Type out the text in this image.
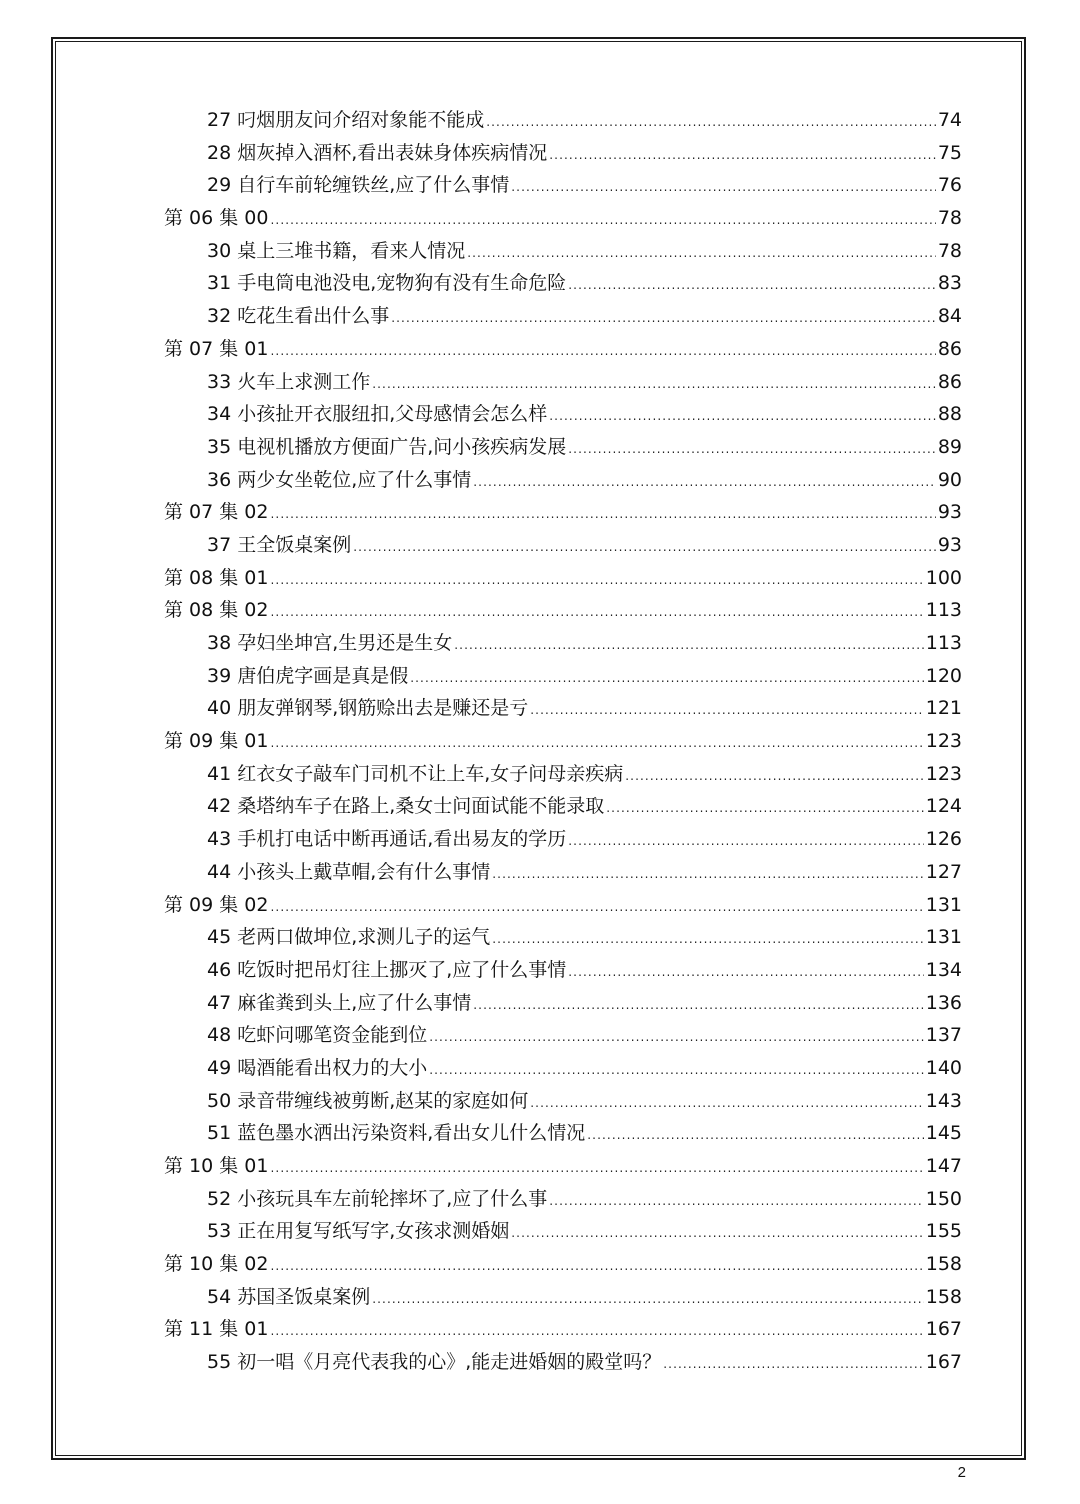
27 叼烟朋友问介绍对象能不能成 .....	74
28 烟灰掉入酒杯,看出表妹身体疾病情况 .....	75
29 自行车前轮缠铁丝,应了什么事情 .....	76
第 06 集 00 .....	78
30 桌上三堆书籍，看来人情况 .....	78
31 手电筒电池没电,宠物狗有没有生命危险 .....	83
32 吃花生看出什么事 .....	84
第 07 集 01 .....	86
33 火车上求测工作 .....	86
34 小孩扯开衣服纽扣,父母感情会怎么样 .....	88
35 电视机播放方便面广告,问小孩疾病发展 .....	89
36 两少女坐乾位,应了什么事情 .....	90
第 07 集 02 .....	93
37 王全饭桌案例 .....	93
第 08 集 01 .....	100
第 08 集 02 .....	113
38 孕妇坐坤宫,生男还是生女 .....	113
39 唐伯虎字画是真是假 .....	120
40 朋友弹钢琴,钢筋赊出去是赚还是亏 .....	121
第 09 集 01 .....	123
41 红衣女子敲车门司机不让上车,女子问母亲疾病 .....	123
42 桑塔纳车子在路上,桑女士问面试能不能录取 .....	124
43 手机打电话中断再通话,看出易友的学历 .....	126
44 小孩头上戴草帽,会有什么事情 .....	127
第 09 集 02 .....	131
45 老两口做坤位,求测儿子的运气 .....	131
46 吃饭时把吊灯往上挪灭了,应了什么事情 .....	134
47 麻雀粪到头上,应了什么事情 .....	136
48 吃虾问哪笔资金能到位 .....	137
49 喝酒能看出权力的大小 .....	140
50 录音带缠线被剪断,赵某的家庭如何 .....	143
51 蓝色墨水洒出污染资料,看出女儿什么情况 .....	145
第 10 集 01 .....	147
52 小孩玩具车左前轮摔坏了,应了什么事 .....	150
53 正在用复写纸写字,女孩求测婚姻 .....	155
第 10 集 02 .....	158
54 苏国圣饭桌案例 .....	158
第 11 集 01 .....	167
55 初一唱《月亮代表我的心》,能走进婚姻的殿堂吗？ .....	167
2
